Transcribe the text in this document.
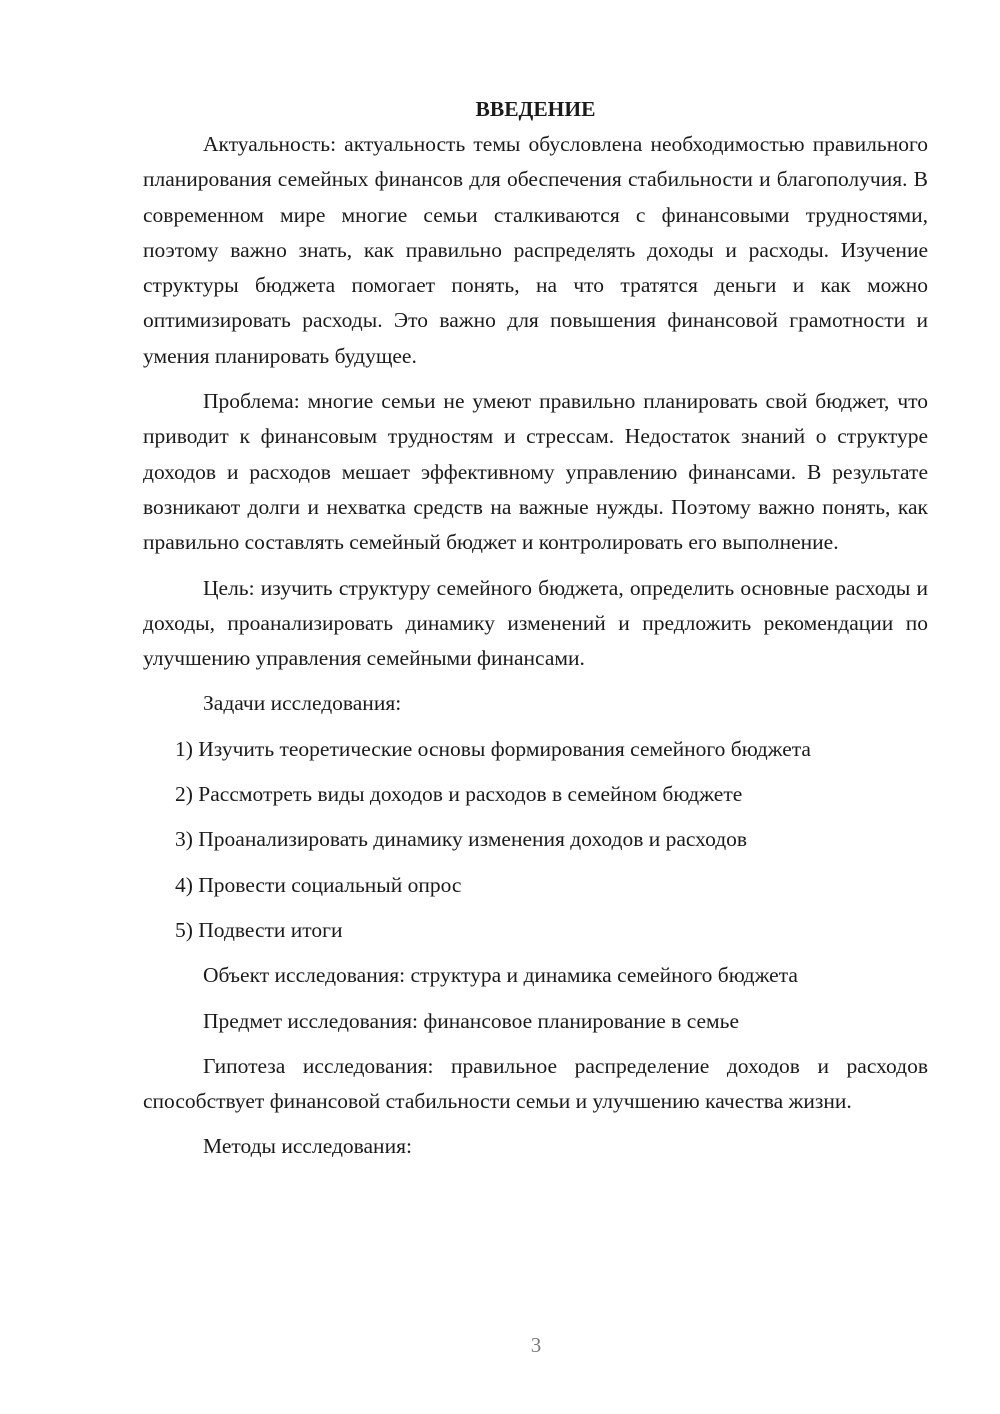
ВВЕДЕНИЕ

Актуальность: актуальность темы обусловлена необходимостью правильного планирования семейных финансов для обеспечения стабильности и благополучия. В современном мире многие семьи сталкиваются с финансовыми трудностями, поэтому важно знать, как правильно распределять доходы и расходы. Изучение структуры бюджета помогает понять, на что тратятся деньги и как можно оптимизировать расходы. Это важно для повышения финансовой грамотности и умения планировать будущее.

Проблема: многие семьи не умеют правильно планировать свой бюджет, что приводит к финансовым трудностям и стрессам. Недостаток знаний о структуре доходов и расходов мешает эффективному управлению финансами. В результате возникают долги и нехватка средств на важные нужды. Поэтому важно понять, как правильно составлять семейный бюджет и контролировать его выполнение.

Цель: изучить структуру семейного бюджета, определить основные расходы и доходы, проанализировать динамику изменений и предложить рекомендации по улучшению управления семейными финансами.

Задачи исследования:

1) Изучить теоретические основы формирования семейного бюджета

2) Рассмотреть виды доходов и расходов в семейном бюджете

3) Проанализировать динамику изменения доходов и расходов

4) Провести социальный опрос

5) Подвести итоги

Объект исследования: структура и динамика семейного бюджета

Предмет исследования: финансовое планирование в семье

Гипотеза исследования: правильное распределение доходов и расходов способствует финансовой стабильности семьи и улучшению качества жизни.

Методы исследования:

3
